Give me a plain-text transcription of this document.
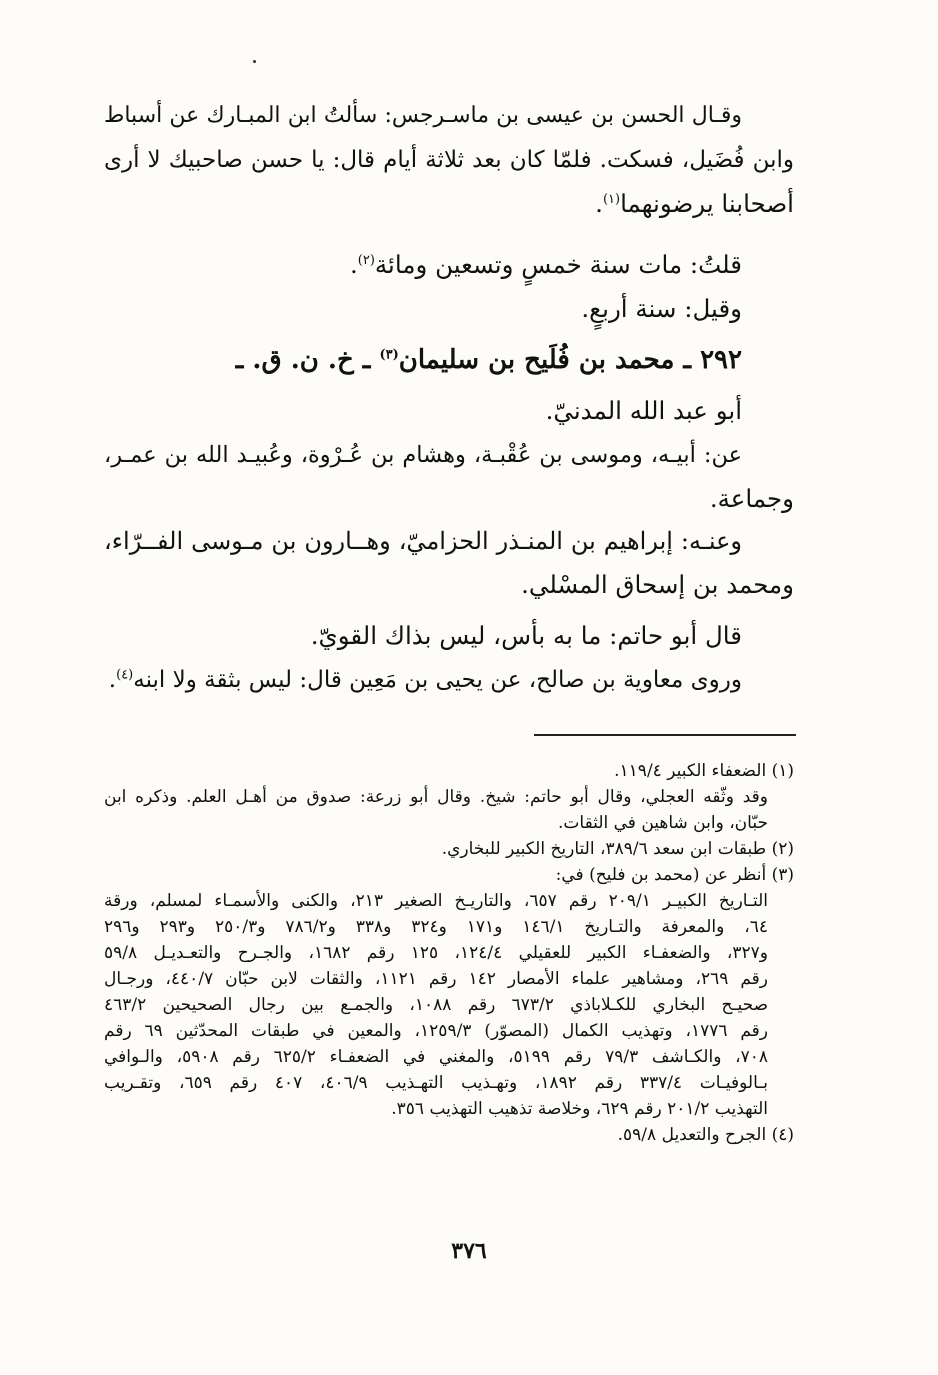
وقـال الحسن بن عيسى بن ماسـرجس: سألتُ ابن المبـارك عن أسباط
وابن فُضَيل، فسكت. فلمّا كان بعد ثلاثة أيام قال: يا حسن صاحبيك لا أرى
أصحابنا يرضونهما$^{(١)}$.
قلتُ: مات سنة خمسٍ وتسعين ومائة$^{(٢)}$.
وقيل: سنة أربعٍ.
٢٩٢ ـ محمد بن فُلَيح بن سليمان$^{(٣)}$ ـ خ. ن. ق. ـ
أبو عبد الله المدنيّ.
عن: أبيـه، وموسى بن عُقْبـة، وهشام بن عُـرْوة، وعُبيـد الله بن عمـر،
وجماعة.
وعنـه: إبراهيم بن المنـذر الحزاميّ، وهــارون بن مـوسى الفــرّاء،
ومحمد بن إسحاق المسْلي.
قال أبو حاتم: ما به بأس، ليس بذاك القويّ.
وروى معاوية بن صالح، عن يحيى بن مَعِين قال: ليس بثقة ولا ابنه$^{(٤)}$.
(١) الضعفاء الكبير ١١٩/٤.
وقد وثّقه العجلي، وقال أبو حاتم: شيخ. وقال أبو زرعة: صدوق من أهـل العلم. وذكره ابن
حبّان، وابن شاهين في الثقات.
(٢) طبقات ابن سعد ٣٨٩/٦، التاريخ الكبير للبخاري.
(٣) أنظر عن (محمد بن فليح) في:
التـاريخ الكبيـر ٢٠٩/١ رقم ٦٥٧، والتاريـخ الصغير ٢١٣، والكنى والأسمـاء لمسلم، ورقة
٦٤، والمعرفة والتـاريخ ١٤٦/١ و١٧١ و٣٢٤ و٣٣٨ و٧٨٦/٢ و٢٥٠/٣ و٢٩٣ و٢٩٦
و٣٢٧، والضعفـاء الكبير للعقيلي ١٢٤/٤، ١٢٥ رقم ١٦٨٢، والجـرح والتعـديـل ٥٩/٨
رقم ٢٦٩، ومشاهير علماء الأمصار ١٤٢ رقم ١١٢١، والثقات لابن حبّان ٤٤٠/٧، ورجـال
صحيـح البخاري للكـلاباذي ٦٧٣/٢ رقم ١٠٨٨، والجمـع بين رجال الصحيحين ٤٦٣/٢
رقم ١٧٧٦، وتهذيب الكمال (المصوّر) ١٢٥٩/٣، والمعين في طبقات المحدّثين ٦٩ رقم
٧٠٨، والكـاشف ٧٩/٣ رقم ٥١٩٩، والمغني في الضعفـاء ٦٢٥/٢ رقم ٥٩٠٨، والـوافي
بـالوفيـات ٣٣٧/٤ رقم ١٨٩٢، وتهـذيب التهـذيب ٤٠٦/٩، ٤٠٧ رقم ٦٥٩، وتقـريب
التهذيب ٢٠١/٢ رقم ٦٢٩، وخلاصة تذهيب التهذيب ٣٥٦.
(٤) الجرح والتعديل ٥٩/٨.
٣٧٦
